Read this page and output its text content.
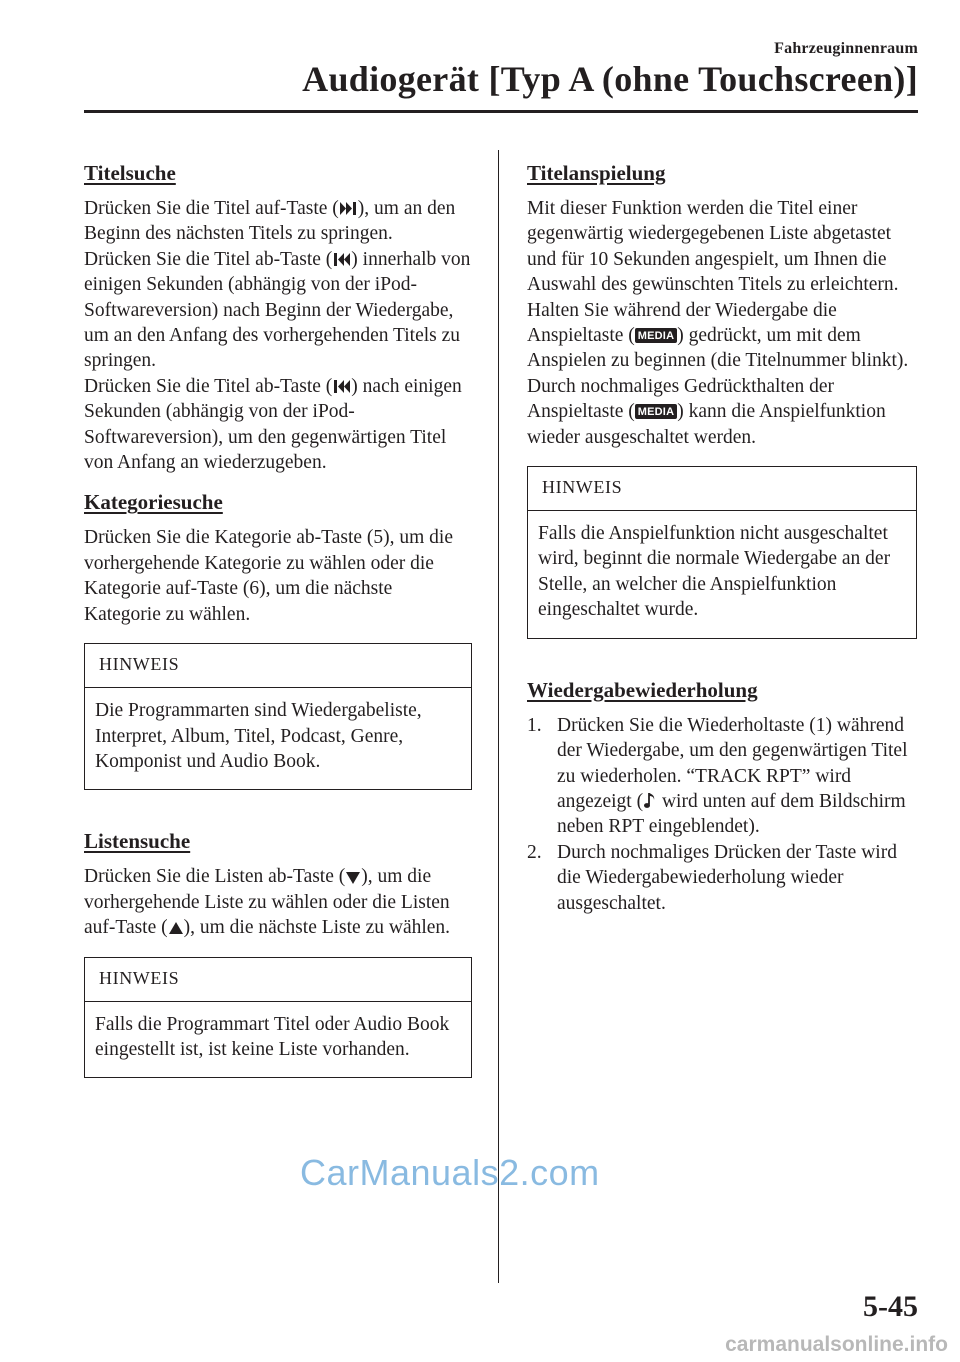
Fahrzeuginnenraum
Audiogerät [Typ A (ohne Touchscreen)]
Titelsuche

Drücken Sie die Titel auf-Taste ( ), um an den Beginn des nächsten Titels zu springen.

Drücken Sie die Titel ab-Taste ( ) innerhalb von einigen Sekunden (abhängig von der iPod-Softwareversion) nach Beginn der Wiedergabe, um an den Anfang des vorhergehenden Titels zu springen.

Drücken Sie die Titel ab-Taste ( ) nach einigen Sekunden (abhängig von der iPod-Softwareversion), um den gegenwärtigen Titel von Anfang an wiederzugeben.

Kategoriesuche

Drücken Sie die Kategorie ab-Taste (5), um die vorhergehende Kategorie zu wählen oder die Kategorie auf-Taste (6), um die nächste Kategorie zu wählen.

HINWEIS
Die Programmarten sind Wiedergabeliste, Interpret, Album, Titel, Podcast, Genre, Komponist und Audio Book.
Listensuche

Drücken Sie die Listen ab-Taste ( ), um die vorhergehende Liste zu wählen oder die Listen auf-Taste ( ), um die nächste Liste zu wählen.

HINWEIS
Falls die Programmart Titel oder Audio Book eingestellt ist, ist keine Liste vorhanden.
Titelanspielung

Mit dieser Funktion werden die Titel einer gegenwärtig wiedergegebenen Liste abgetastet und für 10 Sekunden angespielt, um Ihnen die Auswahl des gewünschten Titels zu erleichtern.

Halten Sie während der Wiedergabe die Anspieltaste ( MEDIA ) gedrückt, um mit dem Anspielen zu beginnen (die Titelnummer blinkt). Durch nochmaliges Gedrückthalten der Anspieltaste ( MEDIA ) kann die Anspielfunktion wieder ausgeschaltet werden.

HINWEIS
Falls die Anspielfunktion nicht ausgeschaltet wird, beginnt die normale Wiedergabe an der Stelle, an welcher die Anspielfunktion eingeschaltet wurde.
Wiedergabewiederholung
1. Drücken Sie die Wiederholtaste (1) während der Wiedergabe, um den gegenwärtigen Titel zu wiederholen. “TRACK RPT” wird angezeigt ( wird unten auf dem Bildschirm neben RPT eingeblendet).
2. Durch nochmaliges Drücken der Taste wird die Wiedergabewiederholung wieder ausgeschaltet.
CarManuals2.com
5-45
carmanualsonline.info
